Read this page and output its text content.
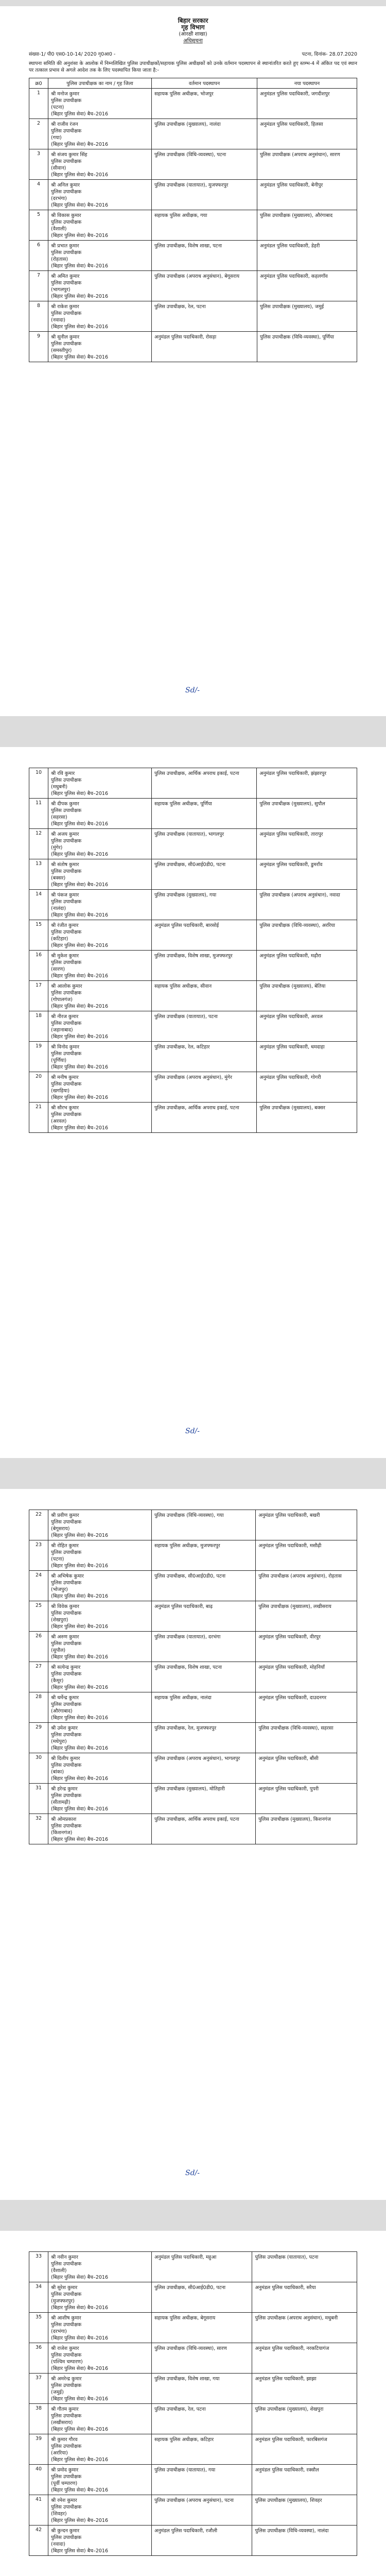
बिहार सरकार
गृह विभाग
(आरक्षी शाखा)
अधिसूचना
संख्या-1/ पी0 एस0-10-14/ 2020 गृ0आ0 -	पटना, दिनांक- 28.07.2020
स्थापना समिति की अनुशंसा के आलोक में निम्नलिखित पुलिस उपाधीक्षकों/सहायक पुलिस अधीक्षकों को उनके वर्तमान पदस्थापन से स्थानांतरित करते हुए स्तम्भ-4 में अंकित पद एवं स्थान पर तत्काल प्रभाव से अगले आदेश तक के लिए पदस्थापित किया जाता है:-
क्र0	पुलिस उपाधीक्षक का नाम / गृह जिला	वर्तमान पदस्थापन	नया पदस्थापन
1	श्री मनोज कुमार
पुलिस उपाधीक्षक
(पटना)
(बिहार पुलिस सेवा) बैच–2016	सहायक पुलिस अधीक्षक, भोजपुर	अनुमंडल पुलिस पदाधिकारी, जगदीशपुर
2	श्री राजीव रंजन
पुलिस उपाधीक्षक
(गया)
(बिहार पुलिस सेवा) बैच–2016	पुलिस उपाधीक्षक (मुख्यालय), नालंदा	अनुमंडल पुलिस पदाधिकारी, हिलसा
3	श्री संजय कुमार सिंह
पुलिस उपाधीक्षक
(सीवान)
(बिहार पुलिस सेवा) बैच–2016	पुलिस उपाधीक्षक (विधि-व्यवस्था), पटना	पुलिस उपाधीक्षक (अपराध अनुसंधान), सारण
4	श्री अनिल कुमार
पुलिस उपाधीक्षक
(दरभंगा)
(बिहार पुलिस सेवा) बैच–2016	पुलिस उपाधीक्षक (यातायात), मुजफ्फरपुर	अनुमंडल पुलिस पदाधिकारी, बेनीपुर
5	श्री विकास कुमार
पुलिस उपाधीक्षक
(वैशाली)
(बिहार पुलिस सेवा) बैच–2016	सहायक पुलिस अधीक्षक, गया	पुलिस उपाधीक्षक (मुख्यालय), औरंगाबाद
6	श्री प्रभात कुमार
पुलिस उपाधीक्षक
(रोहतास)
(बिहार पुलिस सेवा) बैच–2016	पुलिस उपाधीक्षक, विशेष शाखा, पटना	अनुमंडल पुलिस पदाधिकारी, डेहरी
7	श्री अमित कुमार
पुलिस उपाधीक्षक
(भागलपुर)
(बिहार पुलिस सेवा) बैच–2016	पुलिस उपाधीक्षक (अपराध अनुसंधान), बेगूसराय	अनुमंडल पुलिस पदाधिकारी, कहलगाँव
8	श्री राकेश कुमार
पुलिस उपाधीक्षक
(नवादा)
(बिहार पुलिस सेवा) बैच–2016	पुलिस उपाधीक्षक, रेल, पटना	पुलिस उपाधीक्षक (मुख्यालय), जमुई
9	श्री सुनील कुमार
पुलिस उपाधीक्षक
(समस्तीपुर)
(बिहार पुलिस सेवा) बैच–2016	अनुमंडल पुलिस पदाधिकारी, रोसड़ा	पुलिस उपाधीक्षक (विधि-व्यवस्था), पूर्णिया
Sd/-
10	श्री रवि कुमार
पुलिस उपाधीक्षक
(मधुबनी)
(बिहार पुलिस सेवा) बैच–2016	पुलिस उपाधीक्षक, आर्थिक अपराध इकाई, पटना	अनुमंडल पुलिस पदाधिकारी, झंझारपुर
11	श्री दीपक कुमार
पुलिस उपाधीक्षक
(सहरसा)
(बिहार पुलिस सेवा) बैच–2016	सहायक पुलिस अधीक्षक, पूर्णिया	पुलिस उपाधीक्षक (मुख्यालय), सुपौल
12	श्री अजय कुमार
पुलिस उपाधीक्षक
(मुंगेर)
(बिहार पुलिस सेवा) बैच–2016	पुलिस उपाधीक्षक (यातायात), भागलपुर	अनुमंडल पुलिस पदाधिकारी, तारापुर
13	श्री संतोष कुमार
पुलिस उपाधीक्षक
(बक्सर)
(बिहार पुलिस सेवा) बैच–2016	पुलिस उपाधीक्षक, सी0आई0डी0, पटना	अनुमंडल पुलिस पदाधिकारी, डुमराँव
14	श्री पंकज कुमार
पुलिस उपाधीक्षक
(नालंदा)
(बिहार पुलिस सेवा) बैच–2016	पुलिस उपाधीक्षक (मुख्यालय), गया	पुलिस उपाधीक्षक (अपराध अनुसंधान), नवादा
15	श्री रंजीत कुमार
पुलिस उपाधीक्षक
(कटिहार)
(बिहार पुलिस सेवा) बैच–2016	अनुमंडल पुलिस पदाधिकारी, बारसोई	पुलिस उपाधीक्षक (विधि-व्यवस्था), अररिया
16	श्री मुकेश कुमार
पुलिस उपाधीक्षक
(सारण)
(बिहार पुलिस सेवा) बैच–2016	पुलिस उपाधीक्षक, विशेष शाखा, मुजफ्फरपुर	अनुमंडल पुलिस पदाधिकारी, मढ़ौरा
17	श्री आलोक कुमार
पुलिस उपाधीक्षक
(गोपालगंज)
(बिहार पुलिस सेवा) बैच–2016	सहायक पुलिस अधीक्षक, सीवान	पुलिस उपाधीक्षक (मुख्यालय), बेतिया
18	श्री नीरज कुमार
पुलिस उपाधीक्षक
(जहानाबाद)
(बिहार पुलिस सेवा) बैच–2016	पुलिस उपाधीक्षक (यातायात), पटना	अनुमंडल पुलिस पदाधिकारी, अरवल
19	श्री विनोद कुमार
पुलिस उपाधीक्षक
(पूर्णिया)
(बिहार पुलिस सेवा) बैच–2016	पुलिस उपाधीक्षक, रेल, कटिहार	अनुमंडल पुलिस पदाधिकारी, धमदाहा
20	श्री मनीष कुमार
पुलिस उपाधीक्षक
(खगड़िया)
(बिहार पुलिस सेवा) बैच–2016	पुलिस उपाधीक्षक (अपराध अनुसंधान), मुंगेर	अनुमंडल पुलिस पदाधिकारी, गोगरी
21	श्री सौरभ कुमार
पुलिस उपाधीक्षक
(अरवल)
(बिहार पुलिस सेवा) बैच–2016	पुलिस उपाधीक्षक, आर्थिक अपराध इकाई, पटना	पुलिस उपाधीक्षक (मुख्यालय), बक्सर
Sd/-
22	श्री प्रवीण कुमार
पुलिस उपाधीक्षक
(बेगूसराय)
(बिहार पुलिस सेवा) बैच–2016	पुलिस उपाधीक्षक (विधि-व्यवस्था), गया	अनुमंडल पुलिस पदाधिकारी, बखरी
23	श्री रोहित कुमार
पुलिस उपाधीक्षक
(पटना)
(बिहार पुलिस सेवा) बैच–2016	सहायक पुलिस अधीक्षक, मुजफ्फरपुर	अनुमंडल पुलिस पदाधिकारी, मसौढ़ी
24	श्री अभिषेक कुमार
पुलिस उपाधीक्षक
(भोजपुर)
(बिहार पुलिस सेवा) बैच–2016	पुलिस उपाधीक्षक, सी0आई0डी0, पटना	पुलिस उपाधीक्षक (अपराध अनुसंधान), रोहतास
25	श्री विवेक कुमार
पुलिस उपाधीक्षक
(शेखपुरा)
(बिहार पुलिस सेवा) बैच–2016	अनुमंडल पुलिस पदाधिकारी, बाढ़	पुलिस उपाधीक्षक (मुख्यालय), लखीसराय
26	श्री अरुण कुमार
पुलिस उपाधीक्षक
(सुपौल)
(बिहार पुलिस सेवा) बैच–2016	पुलिस उपाधीक्षक (यातायात), दरभंगा	अनुमंडल पुलिस पदाधिकारी, वीरपुर
27	श्री सत्येन्द्र कुमार
पुलिस उपाधीक्षक
(कैमूर)
(बिहार पुलिस सेवा) बैच–2016	पुलिस उपाधीक्षक, विशेष शाखा, पटना	अनुमंडल पुलिस पदाधिकारी, मोहनियाँ
28	श्री धर्मेन्द्र कुमार
पुलिस उपाधीक्षक
(औरंगाबाद)
(बिहार पुलिस सेवा) बैच–2016	सहायक पुलिस अधीक्षक, नालंदा	अनुमंडल पुलिस पदाधिकारी, दाउदनगर
29	श्री उमेश कुमार
पुलिस उपाधीक्षक
(मधेपुरा)
(बिहार पुलिस सेवा) बैच–2016	पुलिस उपाधीक्षक, रेल, मुजफ्फरपुर	पुलिस उपाधीक्षक (विधि-व्यवस्था), सहरसा
30	श्री दिलीप कुमार
पुलिस उपाधीक्षक
(बांका)
(बिहार पुलिस सेवा) बैच–2016	पुलिस उपाधीक्षक (अपराध अनुसंधान), भागलपुर	अनुमंडल पुलिस पदाधिकारी, बौंसी
31	श्री हरेन्द्र कुमार
पुलिस उपाधीक्षक
(सीतामढ़ी)
(बिहार पुलिस सेवा) बैच–2016	पुलिस उपाधीक्षक (मुख्यालय), मोतिहारी	अनुमंडल पुलिस पदाधिकारी, पुपरी
32	श्री ओमप्रकाश
पुलिस उपाधीक्षक
(किशनगंज)
(बिहार पुलिस सेवा) बैच–2016	पुलिस उपाधीक्षक, आर्थिक अपराध इकाई, पटना	पुलिस उपाधीक्षक (मुख्यालय), किशनगंज
Sd/-
33	श्री नवीन कुमार
पुलिस उपाधीक्षक
(वैशाली)
(बिहार पुलिस सेवा) बैच–2016	अनुमंडल पुलिस पदाधिकारी, महुआ	पुलिस उपाधीक्षक (यातायात), पटना
34	श्री सुरेश कुमार
पुलिस उपाधीक्षक
(मुजफ्फरपुर)
(बिहार पुलिस सेवा) बैच–2016	पुलिस उपाधीक्षक, सी0आई0डी0, पटना	अनुमंडल पुलिस पदाधिकारी, सरैया
35	श्री आशीष कुमार
पुलिस उपाधीक्षक
(दरभंगा)
(बिहार पुलिस सेवा) बैच–2016	सहायक पुलिस अधीक्षक, बेगूसराय	पुलिस उपाधीक्षक (अपराध अनुसंधान), मधुबनी
36	श्री राजेश कुमार
पुलिस उपाधीक्षक
(पश्चिम चम्पारण)
(बिहार पुलिस सेवा) बैच–2016	पुलिस उपाधीक्षक (विधि-व्यवस्था), सारण	अनुमंडल पुलिस पदाधिकारी, नरकटियागंज
37	श्री अमरेन्द्र कुमार
पुलिस उपाधीक्षक
(जमुई)
(बिहार पुलिस सेवा) बैच–2016	पुलिस उपाधीक्षक, विशेष शाखा, गया	अनुमंडल पुलिस पदाधिकारी, झाझा
38	श्री गौतम कुमार
पुलिस उपाधीक्षक
(लखीसराय)
(बिहार पुलिस सेवा) बैच–2016	पुलिस उपाधीक्षक, रेल, पटना	पुलिस उपाधीक्षक (मुख्यालय), शेखपुरा
39	श्री कुमार गौरव
पुलिस उपाधीक्षक
(अररिया)
(बिहार पुलिस सेवा) बैच–2016	सहायक पुलिस अधीक्षक, कटिहार	अनुमंडल पुलिस पदाधिकारी, फारबिसगंज
40	श्री प्रमोद कुमार
पुलिस उपाधीक्षक
(पूर्वी चम्पारण)
(बिहार पुलिस सेवा) बैच–2016	पुलिस उपाधीक्षक (यातायात), गया	अनुमंडल पुलिस पदाधिकारी, रक्सौल
41	श्री रमेश कुमार
पुलिस उपाधीक्षक
(शिवहर)
(बिहार पुलिस सेवा) बैच–2016	पुलिस उपाधीक्षक (अपराध अनुसंधान), पटना	पुलिस उपाधीक्षक (मुख्यालय), शिवहर
42	श्री कुन्दन कुमार
पुलिस उपाधीक्षक
(नवादा)
(बिहार पुलिस सेवा) बैच–2016	अनुमंडल पुलिस पदाधिकारी, रजौली	पुलिस उपाधीक्षक (विधि-व्यवस्था), नालंदा
